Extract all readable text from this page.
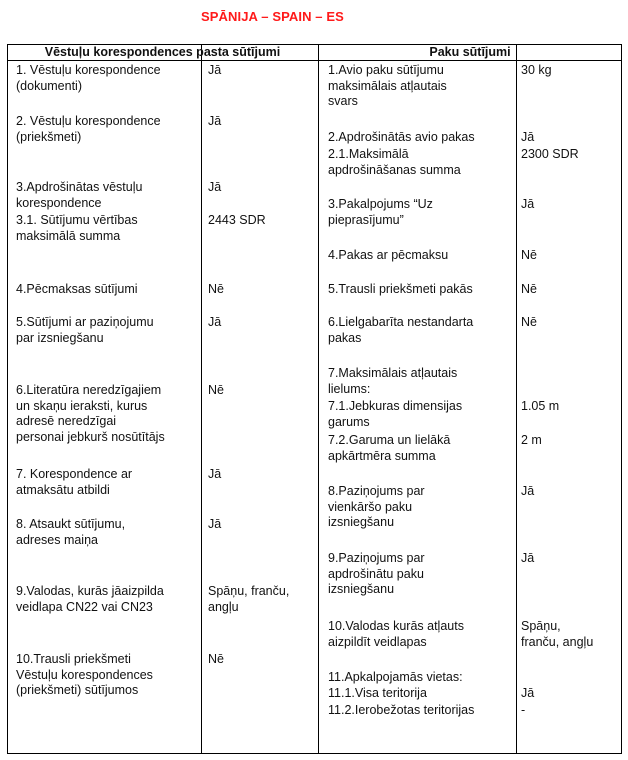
SPĀNIJA – SPAIN – ES
Vēstuļu korespondences pasta sūtījumi	Paku sūtījumi
1. Vēstuļu korespondence
(dokumenti)
Jā
2. Vēstuļu korespondence
(priekšmeti)
Jā
3.Apdrošinātas vēstuļu
korespondence
Jā
3.1. Sūtījumu vērtības
maksimālā summa
2443 SDR
4.Pēcmaksas sūtījumi	Nē
5.Sūtījumi ar paziņojumu
par izsniegšanu
Jā
6.Literatūra neredzīgajiem
un skaņu ieraksti, kurus
adresē neredzīgai
personai jebkurš nosūtītājs
Nē
7. Korespondence ar
atmaksātu atbildi
Jā
8. Atsaukt sūtījumu,
adreses maiņa
Jā
9.Valodas, kurās jāaizpilda
veidlapa CN22 vai CN23
Spāņu, franču,
angļu
10.Trausli priekšmeti
Vēstuļu korespondences
(priekšmeti) sūtījumos
Nē
1.Avio paku sūtījumu
maksimālais atļautais
svars
30 kg
2.Apdrošinātās avio pakas	Jā
2.1.Maksimālā
apdrošināšanas summa
2300 SDR
3.Pakalpojums “Uz
pieprasījumu”
Jā
4.Pakas ar pēcmaksu	Nē
5.Trausli priekšmeti pakās	Nē
6.Lielgabarīta nestandarta
pakas
Nē
7.Maksimālais atļautais
lielums:
7.1.Jebkuras dimensijas
garums
1.05 m
7.2.Garuma un lielākā
apkārtmēra summa
2 m
8.Paziņojums par
vienkāršo paku
izsniegšanu
Jā
9.Paziņojums par
apdrošinātu paku
izsniegšanu
Jā
10.Valodas kurās atļauts
aizpildīt veidlapas
Spāņu,
franču, angļu
11.Apkalpojamās vietas:
11.1.Visa teritorija	Jā
11.2.Ierobežotas teritorijas	-
